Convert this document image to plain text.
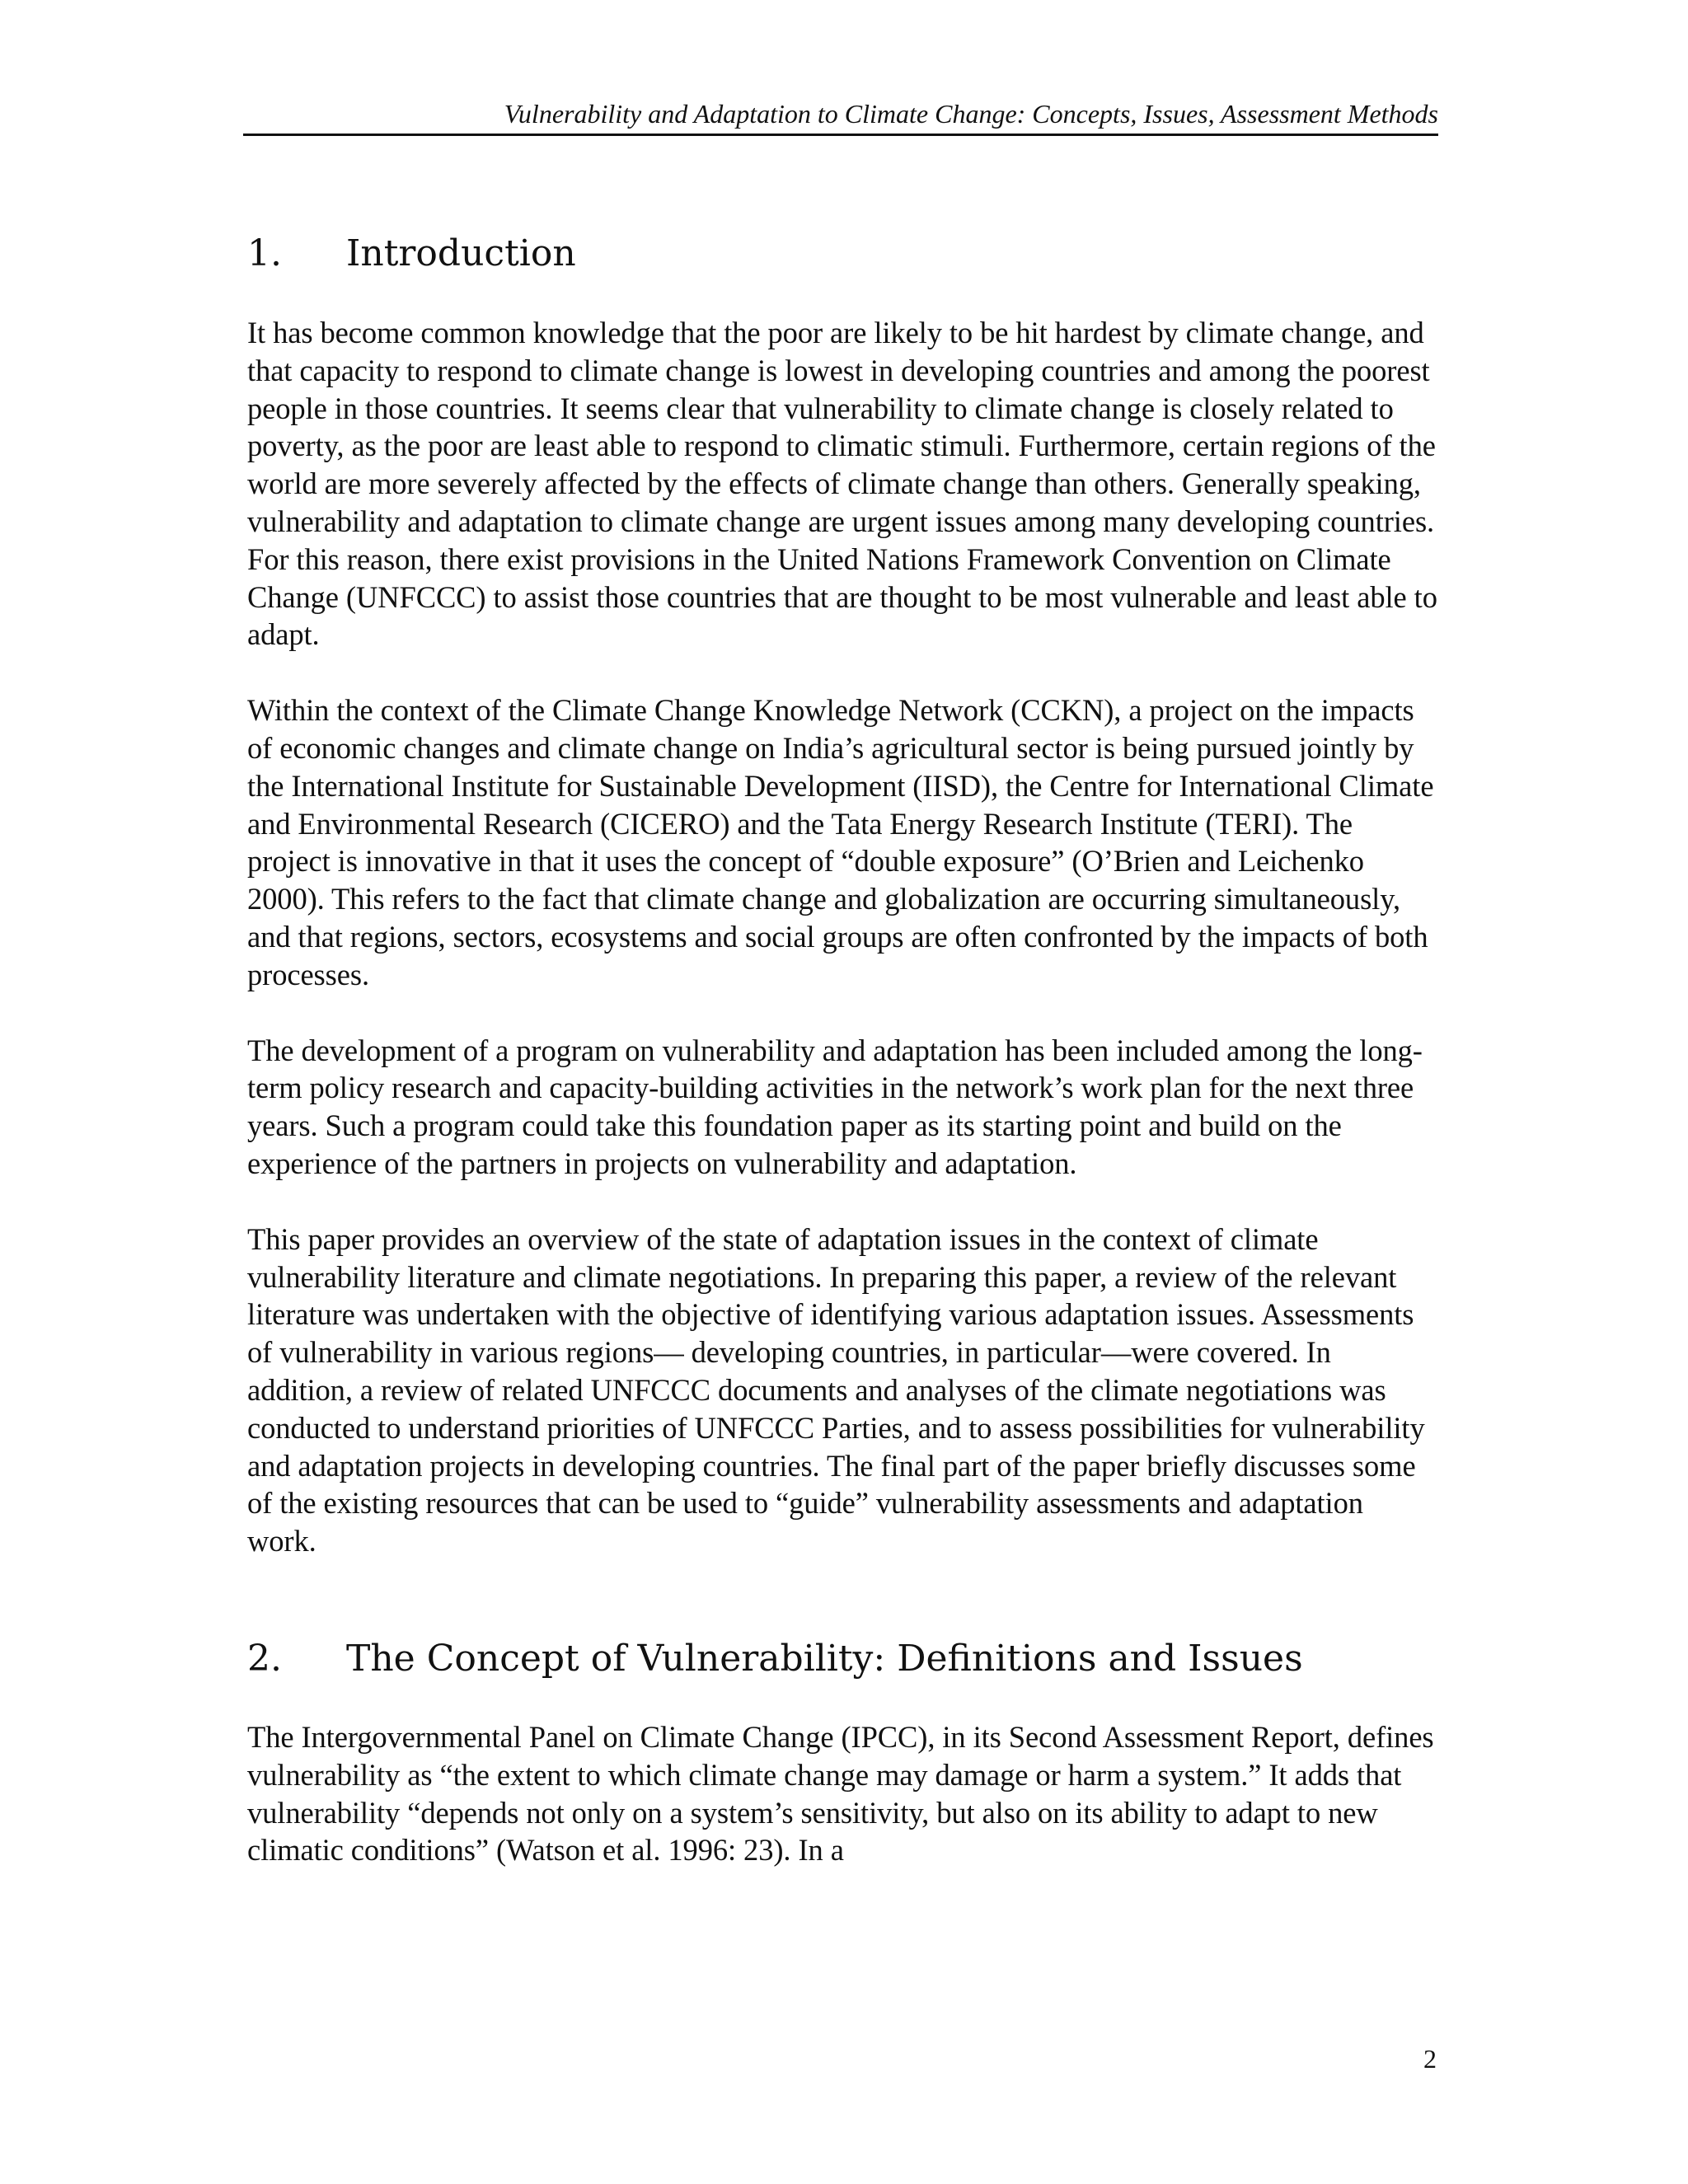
Vulnerability and Adaptation to Climate Change: Concepts, Issues, Assessment Methods
1.	Introduction

It has become common knowledge that the poor are likely to be hit hardest by climate change, and that capacity to respond to climate change is lowest in developing countries and among the poorest people in those countries. It seems clear that vulnerability to climate change is closely related to poverty, as the poor are least able to respond to climatic stimuli. Furthermore, certain regions of the world are more severely affected by the effects of climate change than others. Generally speaking, vulnerability and adaptation to climate change are urgent issues among many developing countries. For this reason, there exist provisions in the United Nations Framework Convention on Climate Change (UNFCCC) to assist those countries that are thought to be most vulnerable and least able to adapt.

Within the context of the Climate Change Knowledge Network (CCKN), a project on the impacts of economic changes and climate change on India’s agricultural sector is being pursued jointly by the International Institute for Sustainable Development (IISD), the Centre for International Climate and Environmental Research (CICERO) and the Tata Energy Research Institute (TERI). The project is innovative in that it uses the concept of “double exposure” (O’Brien and Leichenko 2000). This refers to the fact that climate change and globalization are occurring simultaneously, and that regions, sectors, ecosystems and social groups are often confronted by the impacts of both processes.

The development of a program on vulnerability and adaptation has been included among the long-term policy research and capacity-building activities in the network’s work plan for the next three years. Such a program could take this foundation paper as its starting point and build on the experience of the partners in projects on vulnerability and adaptation.

This paper provides an overview of the state of adaptation issues in the context of climate vulnerability literature and climate negotiations. In preparing this paper, a review of the relevant literature was undertaken with the objective of identifying various adaptation issues. Assessments of vulnerability in various regions— developing countries, in particular—were covered. In addition, a review of related UNFCCC documents and analyses of the climate negotiations was conducted to understand priorities of UNFCCC Parties, and to assess possibilities for vulnerability and adaptation projects in developing countries. The final part of the paper briefly discusses some of the existing resources that can be used to “guide” vulnerability assessments and adaptation work.

2.	The Concept of Vulnerability: Definitions and Issues

The Intergovernmental Panel on Climate Change (IPCC), in its Second Assessment Report, defines vulnerability as “the extent to which climate change may damage or harm a system.” It adds that vulnerability “depends not only on a system’s sensitivity, but also on its ability to adapt to new climatic conditions” (Watson et al. 1996: 23). In a

2
